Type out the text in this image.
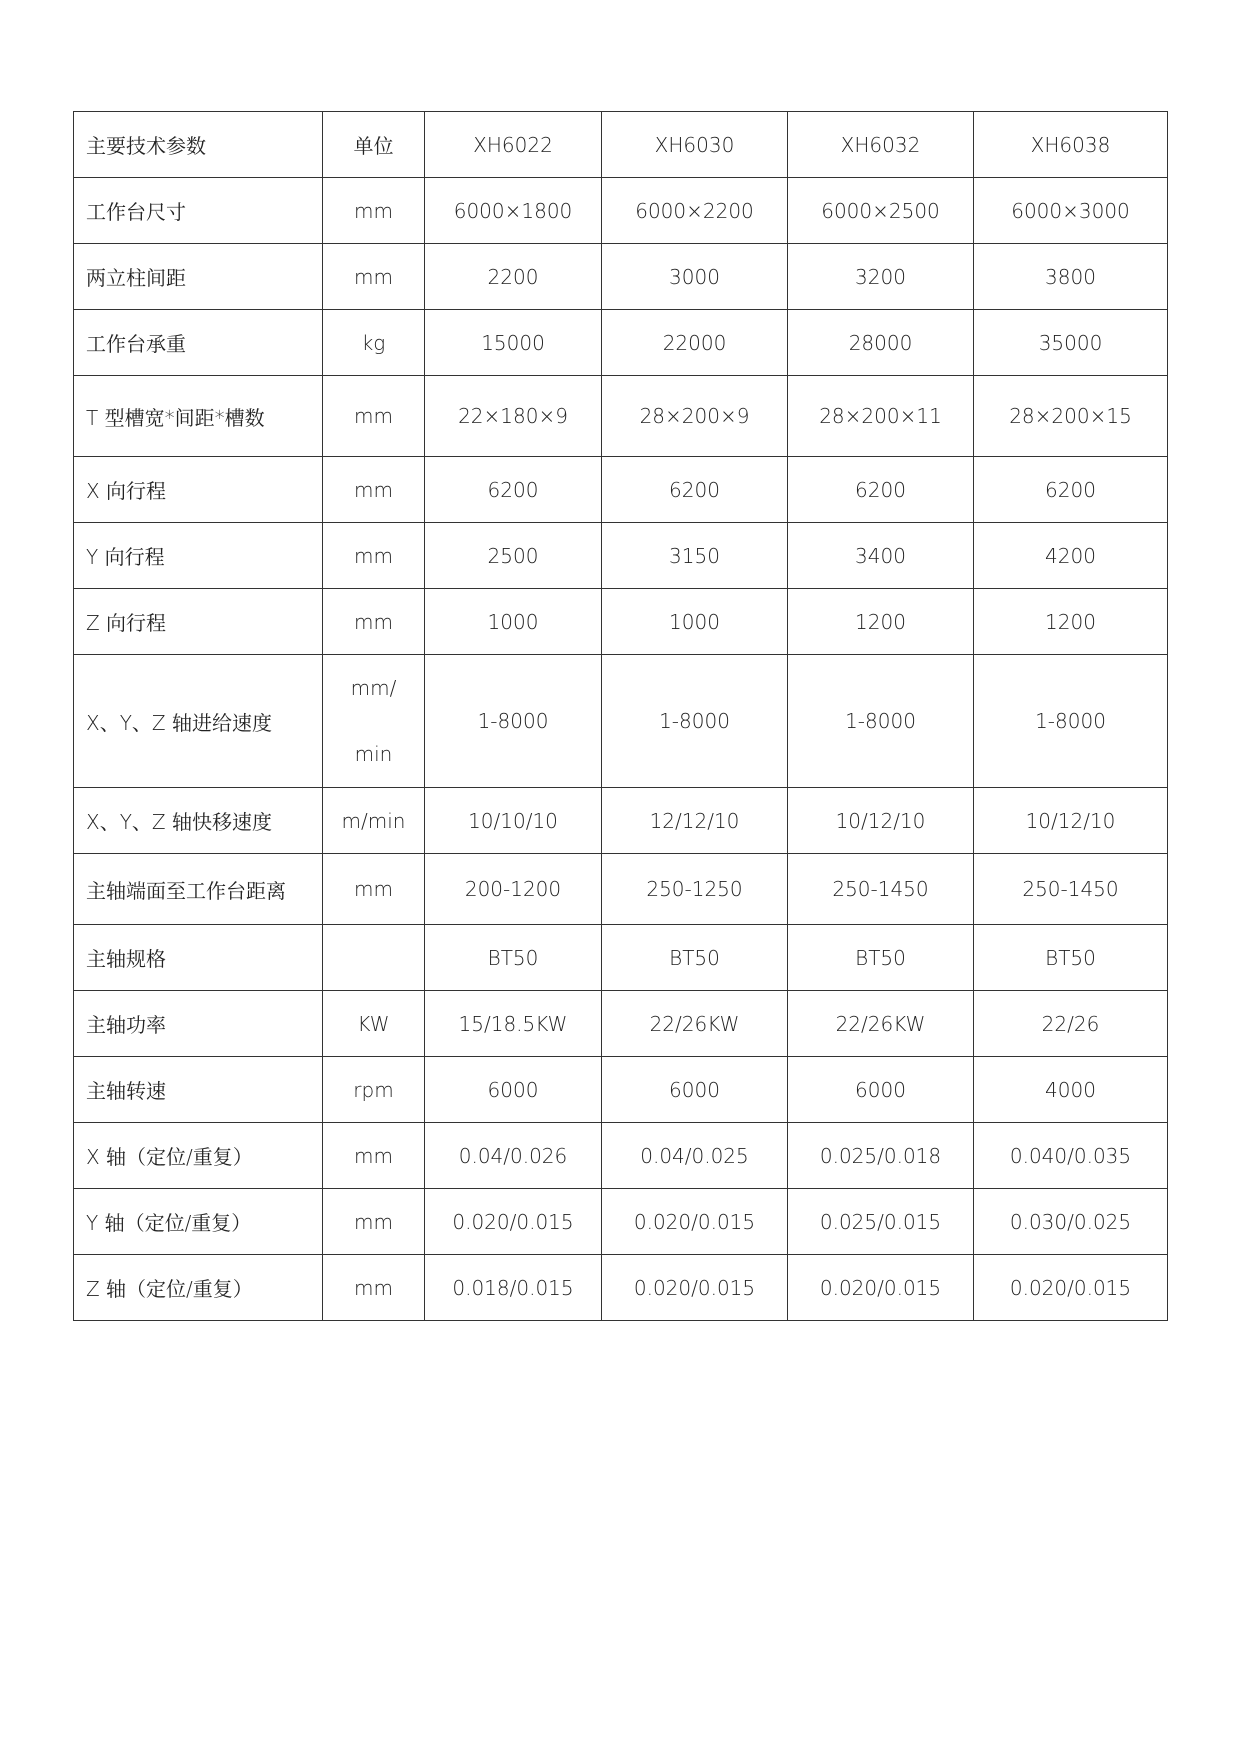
主要技术参数	单位	XH6022	XH6030	XH6032	XH6038
工作台尺寸	mm	6000×1800	6000×2200	6000×2500	6000×3000
两立柱间距	mm	2200	3000	3200	3800
工作台承重	kg	15000	22000	28000	35000
T 型槽宽*间距*槽数	mm	22×180×9	28×200×9	28×200×11	28×200×15
X 向行程	mm	6200	6200	6200	6200
Y 向行程	mm	2500	3150	3400	4200
Z 向行程	mm	1000	1000	1200	1200
X、Y、Z 轴进给速度	mm/min	1-8000	1-8000	1-8000	1-8000
X、Y、Z 轴快移速度	m/min	10/10/10	12/12/10	10/12/10	10/12/10
主轴端面至工作台距离	mm	200-1200	250-1250	250-1450	250-1450
主轴规格		BT50	BT50	BT50	BT50
主轴功率	KW	15/18.5KW	22/26KW	22/26KW	22/26
主轴转速	rpm	6000	6000	6000	4000
X 轴（定位/重复）	mm	0.04/0.026	0.04/0.025	0.025/0.018	0.040/0.035
Y 轴（定位/重复）	mm	0.020/0.015	0.020/0.015	0.025/0.015	0.030/0.025
Z 轴（定位/重复）	mm	0.018/0.015	0.020/0.015	0.020/0.015	0.020/0.015
